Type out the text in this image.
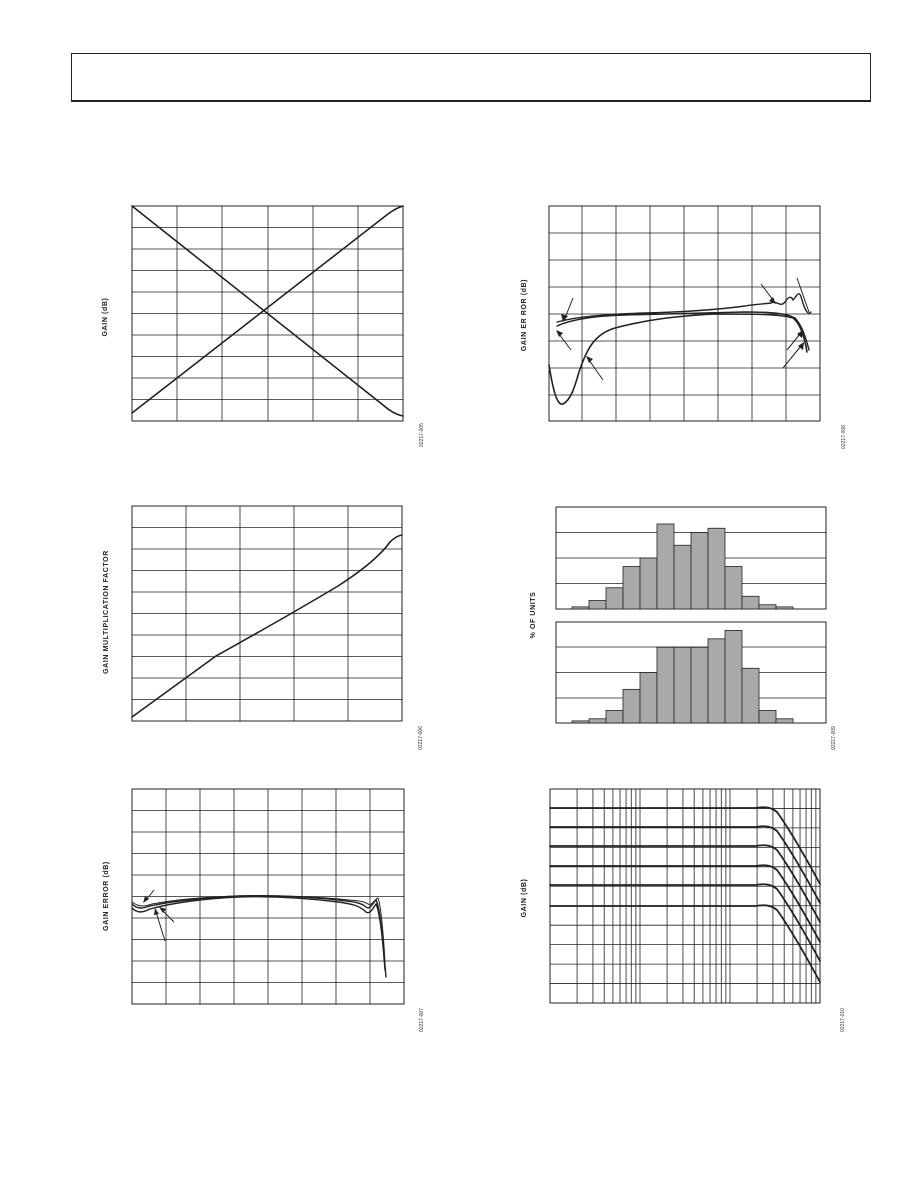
GAIN (dB)
02217-005
GAIN ER ROR (dB)
02217-008
GAIN MULTIPLICATION FACTOR
02217-006
% OF UNITS
02217-009
GAIN ERROR (dB)
02217-007
GAIN (dB)
02217-010
